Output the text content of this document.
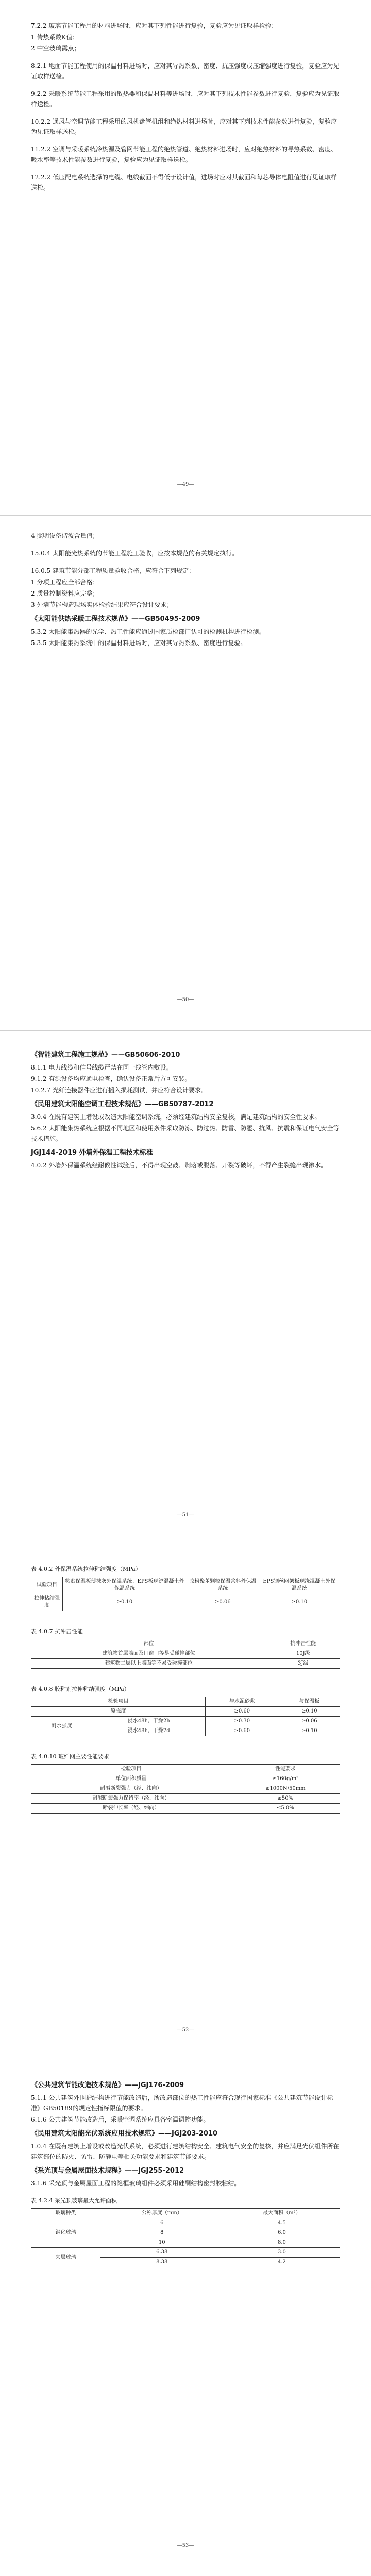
7.2.2 玻璃节能工程用的材料进场时，应对其下列性能进行复验，复验应为见证取样检验：

1 传热系数K值；

2 中空玻璃露点；

8.2.1 地面节能工程使用的保温材料进场时，应对其导热系数、密度、抗压强度或压缩强度进行复验，复验应为见证取样送检。

9.2.2 采暖系统节能工程采用的散热器和保温材料等进场时，应对其下列技术性能参数进行复验，复验应为见证取样送检。

10.2.2 通风与空调节能工程采用的风机盘管机组和绝热材料进场时，应对其下列技术性能参数进行复验，复验应为见证取样送检。

11.2.2 空调与采暖系统冷热源及管网节能工程的绝热管道、绝热材料进场时，应对绝热材料的导热系数、密度、吸水率等技术性能参数进行复验，复验应为见证取样送检。

12.2.2 低压配电系统选择的电缆、电线截面不得低于设计值，进场时应对其截面和每芯导体电阻值进行见证取样送检。

—49—

4 照明设备谐波含量值；

15.0.4 太阳能光热系统的节能工程施工验收，应按本规范的有关规定执行。

16.0.5 建筑节能分部工程质量验收合格，应符合下列规定：

1 分项工程应全部合格；

2 质量控制资料应完整；

3 外墙节能构造现场实体检验结果应符合设计要求；

《太阳能供热采暖工程技术规范》——GB50495-2009

5.3.2 太阳能集热器的光学、热工性能应通过国家质检部门认可的检测机构进行检测。

5.3.5 太阳能集热系统中的保温材料进场时，应对其导热系数、密度进行复验。

—50—
《智能建筑工程施工规范》——GB50606-2010

8.1.1 电力线缆和信号线缆严禁在同一线管内敷设。

9.1.2 有源设备均应通电检查，确认设备正常后方可安装。

10.2.7 光纤连接器件应进行插入损耗测试，并应符合设计要求。

《民用建筑太阳能空调工程技术规范》——GB50787-2012

3.0.4 在既有建筑上增设或改造太阳能空调系统，必须经建筑结构安全复核，满足建筑结构的安全性要求。

5.6.2 太阳能集热系统应根据不同地区和使用条件采取防冻、防过热、防雷、防雹、抗风、抗震和保证电气安全等技术措施。

JGJ144-2019 外墙外保温工程技术标准

4.0.2 外墙外保温系统经耐候性试验后，不得出现空鼓、剥落或脱落、开裂等破坏，不得产生裂缝出现渗水。

—51—
表 4.0.2 外保温系统拉伸粘结强度（MPa）
试验项目	粘贴保温板薄抹灰外保温系统、EPS板现浇混凝土外保温系统	胶粉聚苯颗粒保温浆料外保温系统	EPS钢丝网架板现浇混凝土外保温系统
拉伸粘结强度	≥0.10	≥0.06	≥0.10
表 4.0.7 抗冲击性能
部位	抗冲击性能
建筑物首层墙面及门窗口等易受碰撞部位	10J级
建筑物二层以上墙面等不易受碰撞部位	3J级
表 4.0.8 胶粘剂拉伸粘结强度（MPa）
检验项目		与水泥砂浆	与保温板
原强度		≥0.60	≥0.10
耐水强度	浸水48h，干燥2h	≥0.30	≥0.06
	浸水48h，干燥7d	≥0.60	≥0.10
表 4.0.10 玻纤网主要性能要求
检验项目	性能要求
单位面积质量	≥160g/m²
耐碱断裂强力（经、纬向）	≥1000N/50mm
耐碱断裂强力保留率（经、纬向）	≥50%
断裂伸长率（经、纬向）	≤5.0%
—52—
《公共建筑节能改造技术规范》——JGJ176-2009

5.1.1 公共建筑外围护结构进行节能改造后，所改造部位的热工性能应符合现行国家标准《公共建筑节能设计标准》GB50189的规定性指标限值的要求。

6.1.6 公共建筑节能改造后，采暖空调系统应具备室温调控功能。

《民用建筑太阳能光伏系统应用技术规范》——JGJ203-2010

1.0.4 在既有建筑上增设或改造光伏系统，必须进行建筑结构安全、建筑电气安全的复核，并应满足光伏组件所在建筑部位的防火、防雷、防静电等相关功能要求和建筑节能要求。

《采光顶与金属屋面技术规程》——JGJ255-2012

3.1.6 采光顶与金属屋面工程的隐框玻璃组件必须采用硅酮结构密封胶粘结。

表 4.2.4 采光顶玻璃最大允许面积
玻璃种类	公称厚度（mm）	最大面积（m²）
钢化玻璃	6	4.5
	8	6.0
	10	8.0
夹层玻璃	6.38	3.0
	8.38	4.2
—53—
